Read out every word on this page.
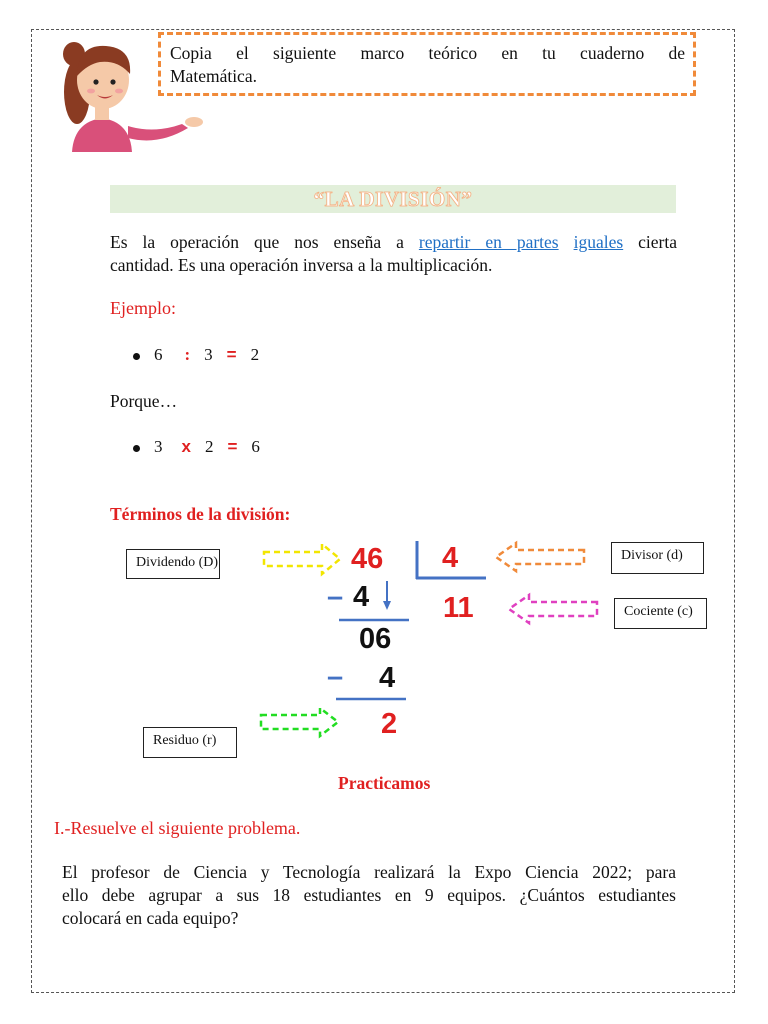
Copia el siguiente marco teórico en tu cuaderno de
Matemática.
“LA DIVISIÓN”
Es la operación que nos enseña a repartir en partes iguales cierta
cantidad. Es una operación inversa a la multiplicación.
Ejemplo:
6 : 3 = 2
Porque…
3 x 2 = 6
Términos de la división:
Dividendo (D)	Divisor (d)
Cociente (c)
Residuo (r)
46 4
11
– 4
06
– 4
2
Practicamos
I.-Resuelve el siguiente problema.
El profesor de Ciencia y Tecnología realizará la Expo Ciencia 2022; para
ello debe agrupar a sus 18 estudiantes en 9 equipos. ¿Cuántos estudiantes
colocará en cada equipo?
